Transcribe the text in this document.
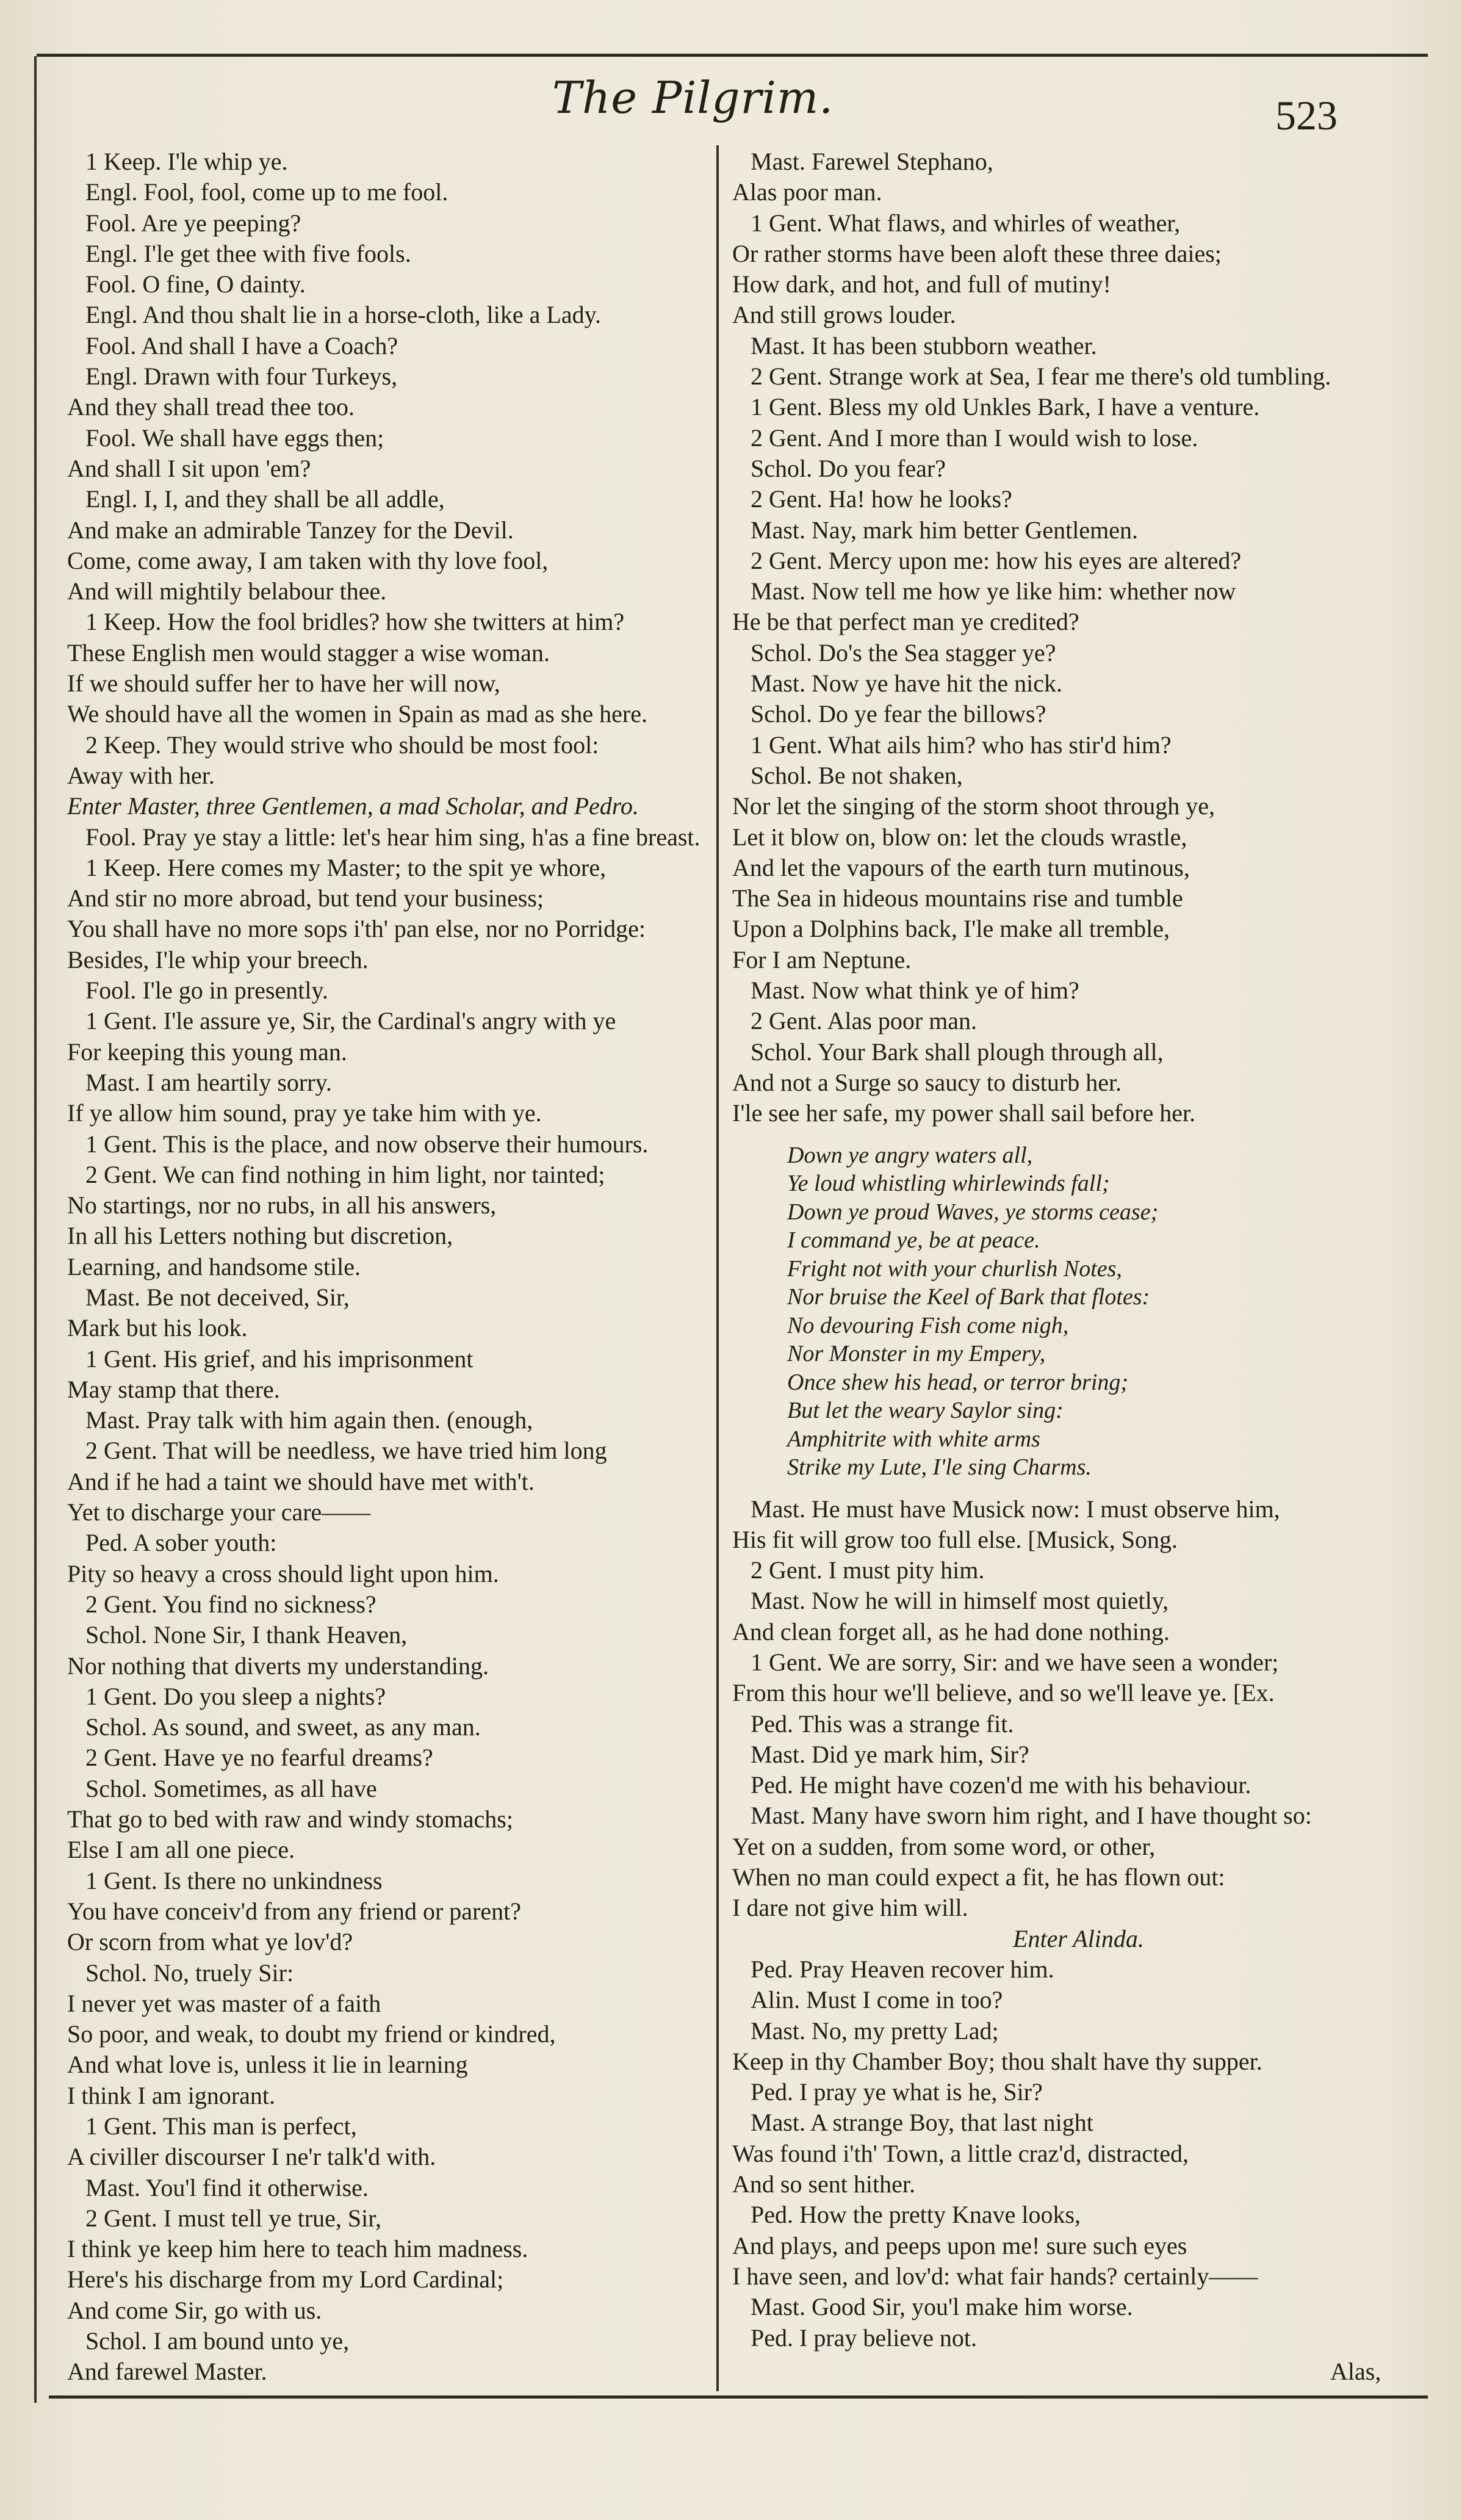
The Pilgrim.	523
1 Keep. I'le whip ye.
Engl. Fool, fool, come up to me fool.
Fool. Are ye peeping?
Engl. I'le get thee with five fools.
Fool. O fine, O dainty.
Engl. And thou shalt lie in a horse-cloth, like a Lady.
Fool. And shall I have a Coach?
Engl. Drawn with four Turkeys,
And they shall tread thee too.
Fool. We shall have eggs then;
And shall I sit upon 'em?
Engl. I, I, and they shall be all addle,
And make an admirable Tanzey for the Devil.
Come, come away, I am taken with thy love fool,
And will mightily belabour thee.
1 Keep. How the fool bridles? how she twitters at him?
These English men would stagger a wise woman.
If we should suffer her to have her will now,
We should have all the women in Spain as mad as she here.
2 Keep. They would strive who should be most fool:
Away with her.
Enter Master, three Gentlemen, a mad Scholar, and Pedro.
Fool. Pray ye stay a little: let's hear him sing, h'as a fine breast.
1 Keep. Here comes my Master; to the spit ye whore,
And stir no more abroad, but tend your business;
You shall have no more sops i'th' pan else, nor no Porridge:
Besides, I'le whip your breech.
Fool. I'le go in presently.
1 Gent. I'le assure ye, Sir, the Cardinal's angry with ye
For keeping this young man.
Mast. I am heartily sorry.
If ye allow him sound, pray ye take him with ye.
1 Gent. This is the place, and now observe their humours.
2 Gent. We can find nothing in him light, nor tainted;
No startings, nor no rubs, in all his answers,
In all his Letters nothing but discretion,
Learning, and handsome stile.
Mast. Be not deceived, Sir,
Mark but his look.
1 Gent. His grief, and his imprisonment
May stamp that there.
Mast. Pray talk with him again then. (enough,
2 Gent. That will be needless, we have tried him long
And if he had a taint we should have met with't.
Yet to discharge your care——
Ped. A sober youth:
Pity so heavy a cross should light upon him.
2 Gent. You find no sickness?
Schol. None Sir, I thank Heaven,
Nor nothing that diverts my understanding.
1 Gent. Do you sleep a nights?
Schol. As sound, and sweet, as any man.
2 Gent. Have ye no fearful dreams?
Schol. Sometimes, as all have
That go to bed with raw and windy stomachs;
Else I am all one piece.
1 Gent. Is there no unkindness
You have conceiv'd from any friend or parent?
Or scorn from what ye lov'd?
Schol. No, truely Sir:
I never yet was master of a faith
So poor, and weak, to doubt my friend or kindred,
And what love is, unless it lie in learning
I think I am ignorant.
1 Gent. This man is perfect,
A civiller discourser I ne'r talk'd with.
Mast. You'l find it otherwise.
2 Gent. I must tell ye true, Sir,
I think ye keep him here to teach him madness.
Here's his discharge from my Lord Cardinal;
And come Sir, go with us.
Schol. I am bound unto ye,
And farewel Master.
Mast. Farewel Stephano,
Alas poor man.
1 Gent. What flaws, and whirles of weather,
Or rather storms have been aloft these three daies;
How dark, and hot, and full of mutiny!
And still grows louder.
Mast. It has been stubborn weather.
2 Gent. Strange work at Sea, I fear me there's old tumbling.
1 Gent. Bless my old Unkles Bark, I have a venture.
2 Gent. And I more than I would wish to lose.
Schol. Do you fear?
2 Gent. Ha! how he looks?
Mast. Nay, mark him better Gentlemen.
2 Gent. Mercy upon me: how his eyes are altered?
Mast. Now tell me how ye like him: whether now
He be that perfect man ye credited?
Schol. Do's the Sea stagger ye?
Mast. Now ye have hit the nick.
Schol. Do ye fear the billows?
1 Gent. What ails him? who has stir'd him?
Schol. Be not shaken,
Nor let the singing of the storm shoot through ye,
Let it blow on, blow on: let the clouds wrastle,
And let the vapours of the earth turn mutinous,
The Sea in hideous mountains rise and tumble
Upon a Dolphins back, I'le make all tremble,
For I am Neptune.
Mast. Now what think ye of him?
2 Gent. Alas poor man.
Schol. Your Bark shall plough through all,
And not a Surge so saucy to disturb her.
I'le see her safe, my power shall sail before her.
Down ye angry waters all,
Ye loud whistling whirlewinds fall;
Down ye proud Waves, ye storms cease;
I command ye, be at peace.
Fright not with your churlish Notes,
Nor bruise the Keel of Bark that flotes:
No devouring Fish come nigh,
Nor Monster in my Empery,
Once shew his head, or terror bring;
But let the weary Saylor sing:
Amphitrite with white arms
Strike my Lute, I'le sing Charms.
Mast. He must have Musick now: I must observe him,
His fit will grow too full else. [Musick, Song.
2 Gent. I must pity him.
Mast. Now he will in himself most quietly,
And clean forget all, as he had done nothing.
1 Gent. We are sorry, Sir: and we have seen a wonder;
From this hour we'll believe, and so we'll leave ye. [Ex.
Ped. This was a strange fit.
Mast. Did ye mark him, Sir?
Ped. He might have cozen'd me with his behaviour.
Mast. Many have sworn him right, and I have thought so:
Yet on a sudden, from some word, or other,
When no man could expect a fit, he has flown out:
I dare not give him will.
Enter Alinda.
Ped. Pray Heaven recover him.
Alin. Must I come in too?
Mast. No, my pretty Lad;
Keep in thy Chamber Boy; thou shalt have thy supper.
Ped. I pray ye what is he, Sir?
Mast. A strange Boy, that last night
Was found i'th' Town, a little craz'd, distracted,
And so sent hither.
Ped. How the pretty Knave looks,
And plays, and peeps upon me! sure such eyes
I have seen, and lov'd: what fair hands? certainly——
Mast. Good Sir, you'l make him worse.
Ped. I pray believe not.
Alas,
